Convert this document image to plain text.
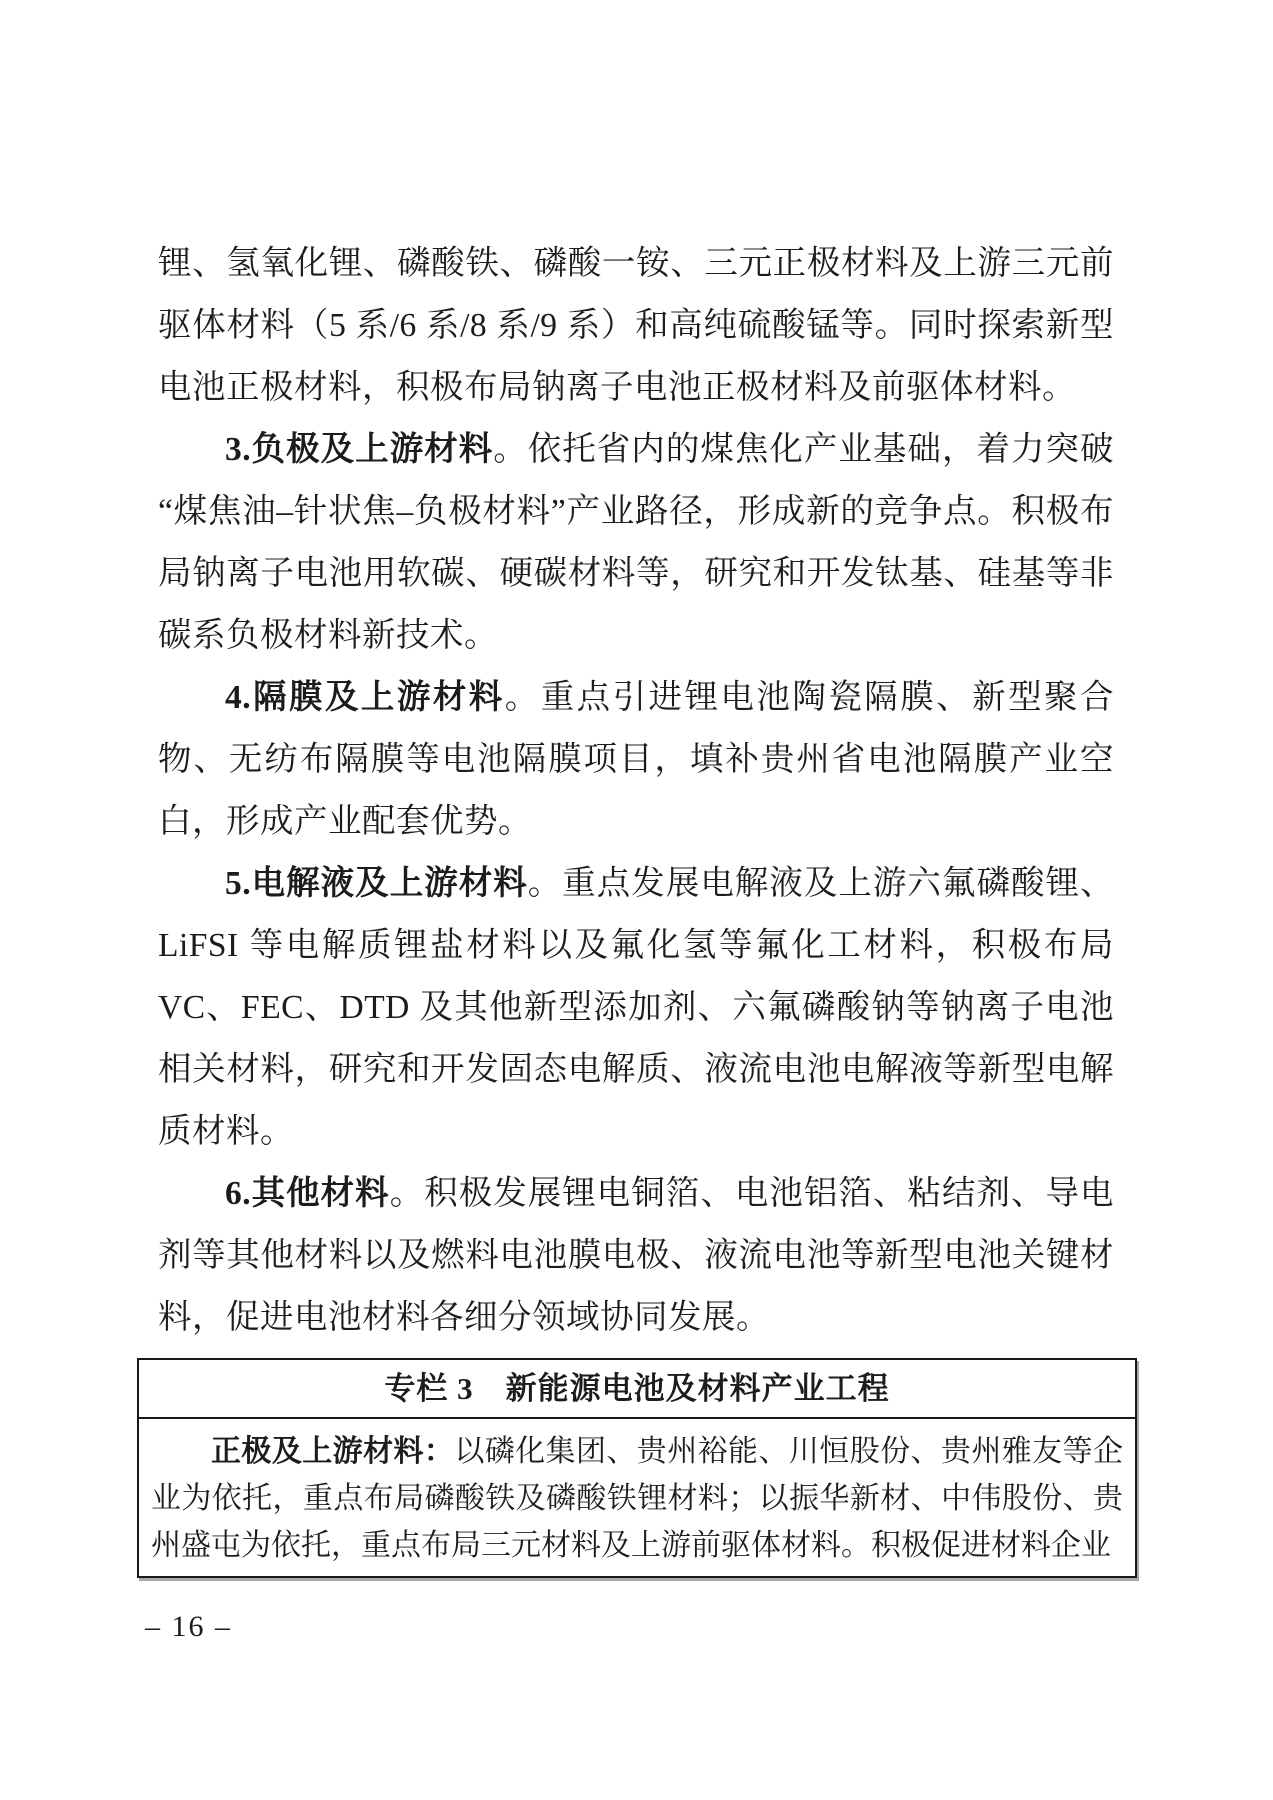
锂、氢氧化锂、磷酸铁、磷酸一铵、三元正极材料及上游三元前驱体材料（5 系/6 系/8 系/9 系）和高纯硫酸锰等。同时探索新型电池正极材料，积极布局钠离子电池正极材料及前驱体材料。

3.负极及上游材料。依托省内的煤焦化产业基础，着力突破“煤焦油–针状焦–负极材料”产业路径，形成新的竞争点。积极布局钠离子电池用软碳、硬碳材料等，研究和开发钛基、硅基等非碳系负极材料新技术。

4.隔膜及上游材料。重点引进锂电池陶瓷隔膜、新型聚合物、无纺布隔膜等电池隔膜项目，填补贵州省电池隔膜产业空白，形成产业配套优势。

5.电解液及上游材料。重点发展电解液及上游六氟磷酸锂、LiFSI 等电解质锂盐材料以及氟化氢等氟化工材料，积极布局 VC、FEC、DTD 及其他新型添加剂、六氟磷酸钠等钠离子电池相关材料，研究和开发固态电解质、液流电池电解液等新型电解质材料。

6.其他材料。积极发展锂电铜箔、电池铝箔、粘结剂、导电剂等其他材料以及燃料电池膜电极、液流电池等新型电池关键材料，促进电池材料各细分领域协同发展。

专栏 3　新能源电池及材料产业工程

正极及上游材料：以磷化集团、贵州裕能、川恒股份、贵州雅友等企业为依托，重点布局磷酸铁及磷酸铁锂材料；以振华新材、中伟股份、贵州盛屯为依托，重点布局三元材料及上游前驱体材料。积极促进材料企业

– 16 –
